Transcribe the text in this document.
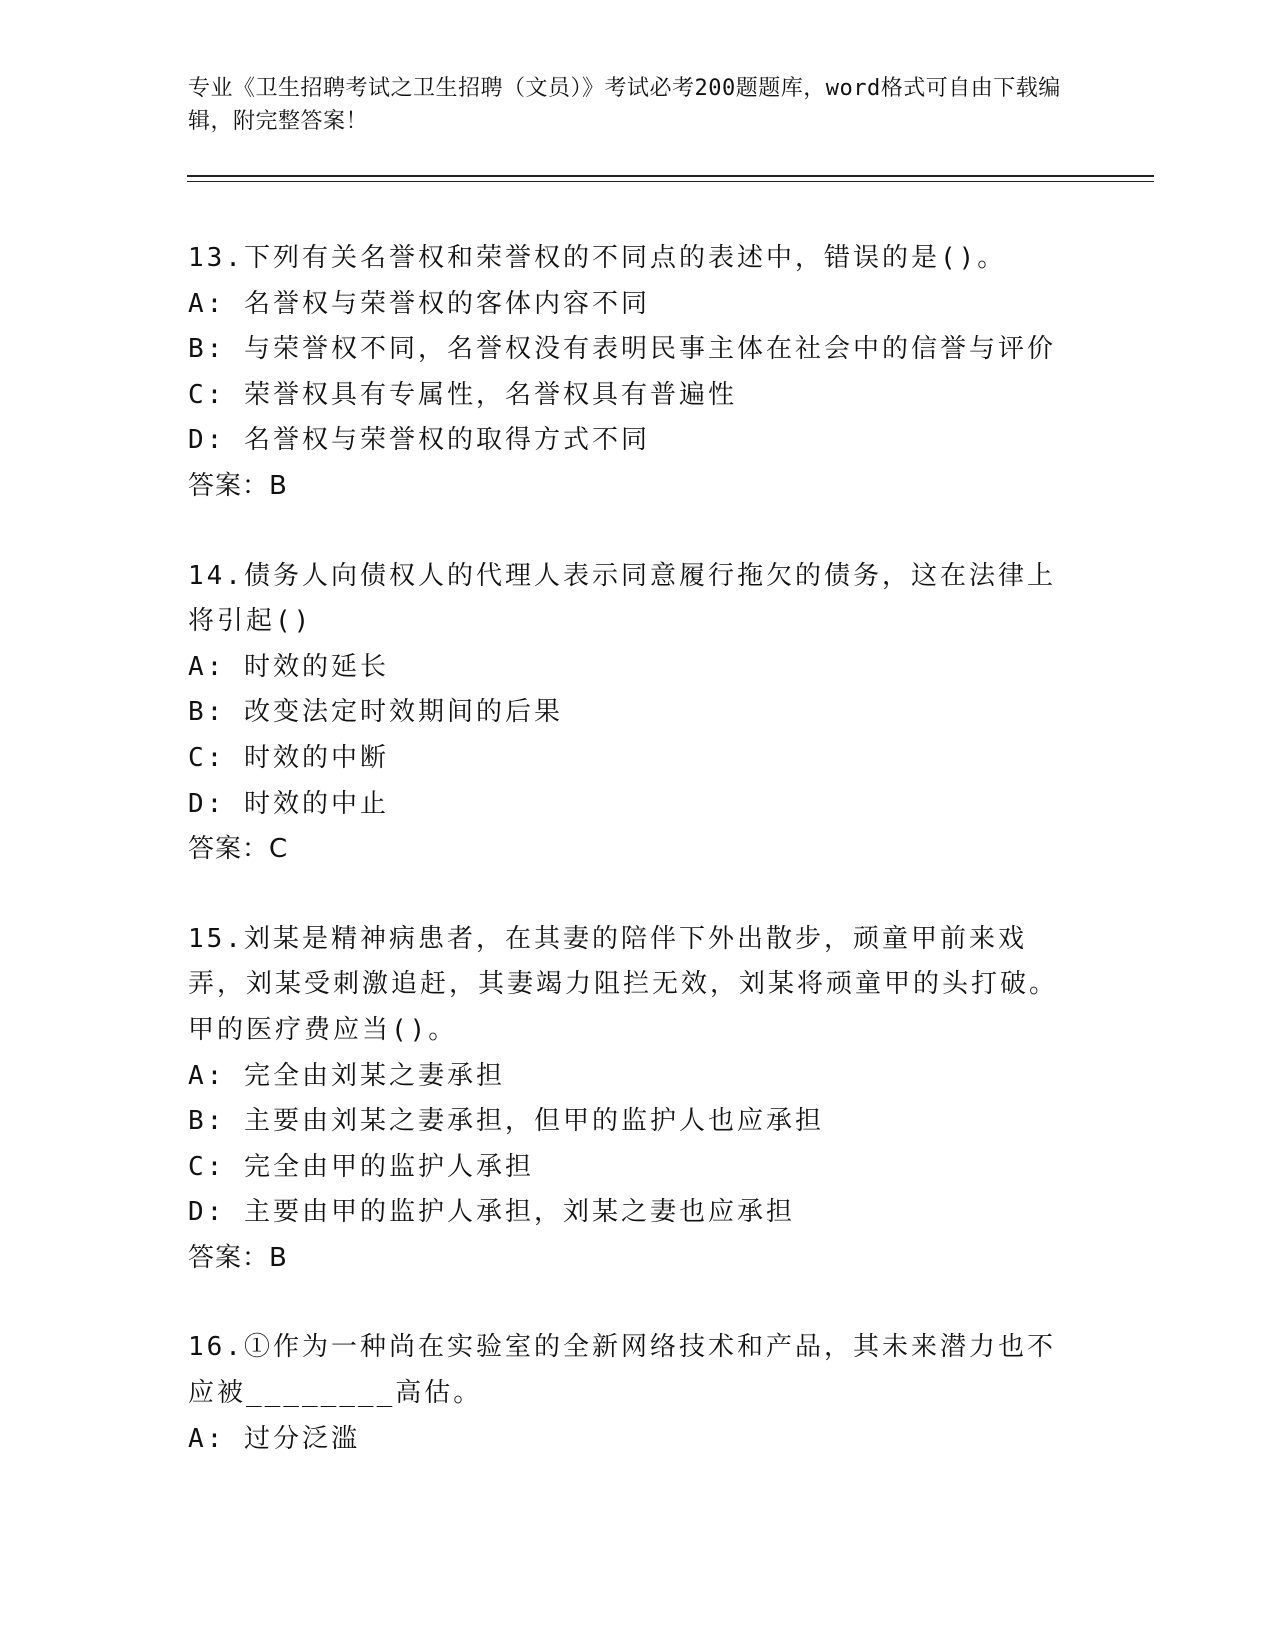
专业《卫生招聘考试之卫生招聘（文员）》考试必考200题题库，word格式可自由下载编辑，附完整答案！

13.下列有关名誉权和荣誉权的不同点的表述中，错误的是()。

A: 名誉权与荣誉权的客体内容不同

B: 与荣誉权不同，名誉权没有表明民事主体在社会中的信誉与评价

C: 荣誉权具有专属性，名誉权具有普遍性

D: 名誉权与荣誉权的取得方式不同

答案：B

14.债务人向债权人的代理人表示同意履行拖欠的债务，这在法律上将引起()

A: 时效的延长

B: 改变法定时效期间的后果

C: 时效的中断

D: 时效的中止

答案：C

15.刘某是精神病患者，在其妻的陪伴下外出散步，顽童甲前来戏弄，刘某受刺激追赶，其妻竭力阻拦无效，刘某将顽童甲的头打破。甲的医疗费应当()。

A: 完全由刘某之妻承担

B: 主要由刘某之妻承担，但甲的监护人也应承担

C: 完全由甲的监护人承担

D: 主要由甲的监护人承担，刘某之妻也应承担

答案：B

16.①作为一种尚在实验室的全新网络技术和产品，其未来潜力也不应被________高估。

A: 过分泛滥
